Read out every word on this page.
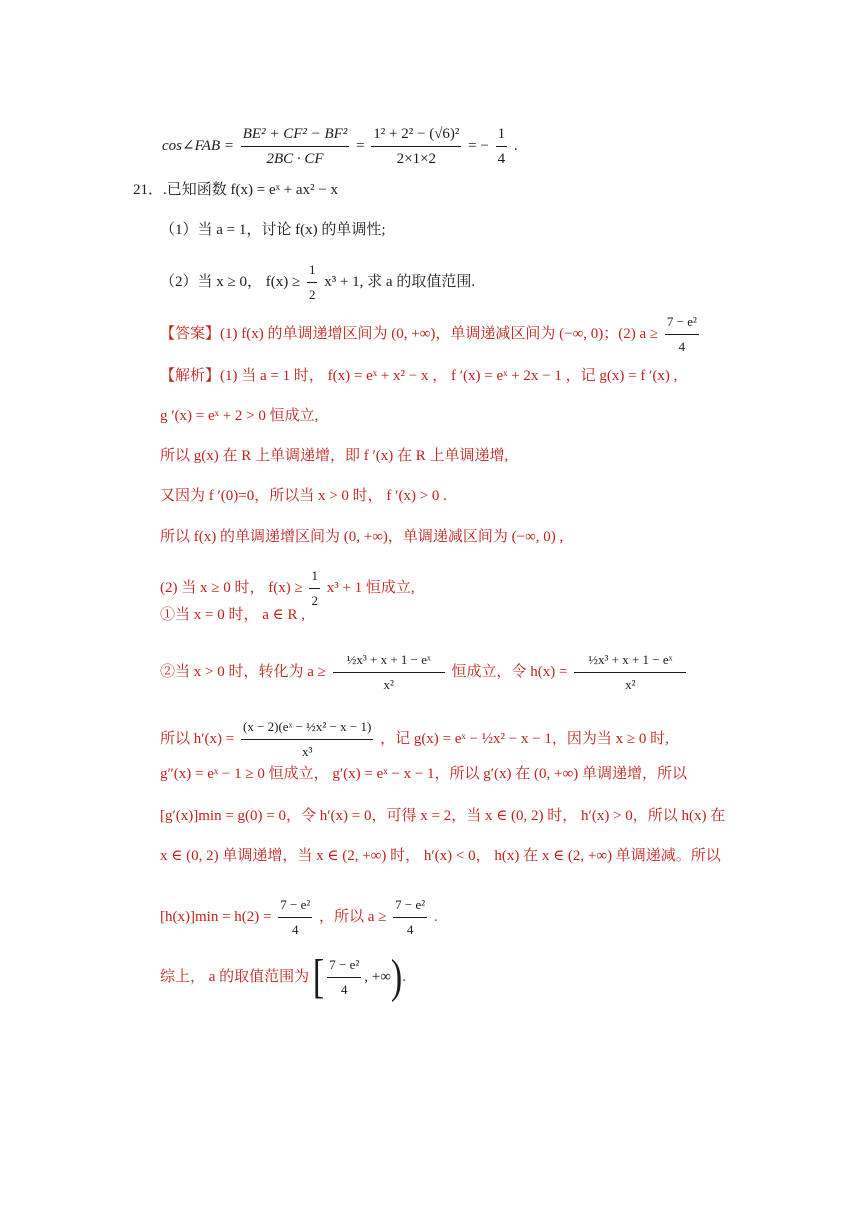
cos∠FAB = $\frac{\text{BE² + CF² − BF²}}{2BC \cdot CF} = \frac{\text{1² + 2² − (√6)²}}{2\times 1\times 2}$ = − $\frac{1}{4}$ .
21．.已知函数 f(x) = eˣ + ax² − x
（1）当 a = 1，讨论 f(x) 的单调性;
（2）当 x ≥ 0， $f(x) \ge \frac{1}{2} x^3 + 1$, 求 a 的取值范围.
【答案】(1) f(x) 的单调递增区间为 (0, +∞)，单调递减区间为 (−∞, 0)；(2) $a \ge \frac{\text{7 − e²}}{4}$
【解析】(1) 当 a = 1 时， f(x) = eˣ + x² − x ， f ′(x) = eˣ + 2x − 1 ，记 g(x) = f ′(x) ,
g ′(x) = eˣ + 2 > 0 恒成立,
所以 g(x) 在 R 上单调递增，即 f ′(x) 在 R 上单调递增,
又因为 f ′(0)=0，所以当 x > 0 时， f ′(x) > 0 .
所以 f(x) 的单调递增区间为 (0, +∞)，单调递减区间为 (−∞, 0) ,
(2) 当 x ≥ 0 时， $f(x) \ge \frac{1}{2} x^3 + 1$ 恒成立,
①当 x = 0 时， a ∈ R ,
②当 x > 0 时，转化为 $a \ge \frac{\text{½x³ + x + 1 − eˣ}}{\text{x²}}$ 恒成立，令 $h(x) = \frac{\text{½x³ + x + 1 − eˣ}}{\text{x²}}$
所以 $h'(x) = \frac{\text{(x − 2)(eˣ − ½x² − x − 1)}}{\text{x³}}$ ，记 g(x) = eˣ − ½x² − x − 1，因为当 x ≥ 0 时,
g″(x) = eˣ − 1 ≥ 0 恒成立， g′(x) = eˣ − x − 1，所以 g′(x) 在 (0, +∞) 单调递增，所以
[g′(x)]min = g(0) = 0，令 h′(x) = 0，可得 x = 2，当 x ∈ (0, 2) 时， h′(x) > 0，所以 h(x) 在
x ∈ (0, 2) 单调递增，当 x ∈ (2, +∞) 时， h′(x) < 0， h(x) 在 x ∈ (2, +∞) 单调递减。所以
$[h(x)]\min = h(2) = \frac{\text{7 − e²}}{4}$ ，所以 $a \ge \frac{\text{7 − e²}}{4}$ .
综上， a 的取值范围为 [ $\frac{\text{7 − e²}}{4}$ , +∞).
